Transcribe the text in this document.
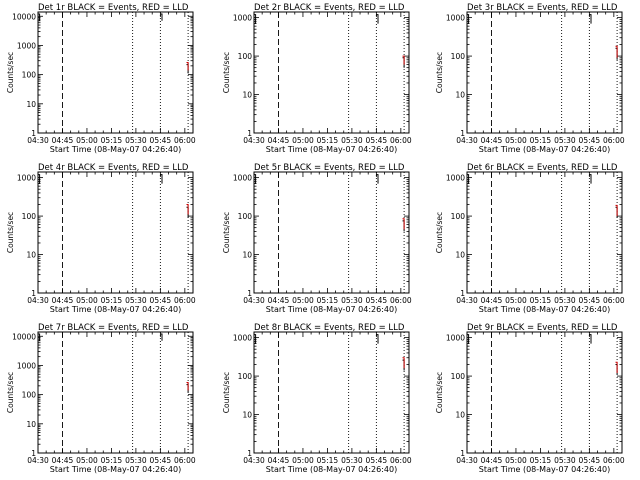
Det 1r BLACK = Events, RED = LLD
1
10
100
1000
10000
04:30 04:45 05:00 05:15 05:30 05:45 06:00
Start Time (08-May-07 04:26:40)
Counts/sec
Det 2r BLACK = Events, RED = LLD
1
10
100
1000
04:30 04:45 05:00 05:15 05:30 05:45 06:00
Start Time (08-May-07 04:26:40)
Counts/sec
Det 3r BLACK = Events, RED = LLD
1
10
100
1000
04:30 04:45 05:00 05:15 05:30 05:45 06:00
Start Time (08-May-07 04:26:40)
Counts/sec
Det 4r BLACK = Events, RED = LLD
1
10
100
1000
04:30 04:45 05:00 05:15 05:30 05:45 06:00
Start Time (08-May-07 04:26:40)
Counts/sec
Det 5r BLACK = Events, RED = LLD
1
10
100
1000
04:30 04:45 05:00 05:15 05:30 05:45 06:00
Start Time (08-May-07 04:26:40)
Counts/sec
Det 6r BLACK = Events, RED = LLD
1
10
100
1000
04:30 04:45 05:00 05:15 05:30 05:45 06:00
Start Time (08-May-07 04:26:40)
Counts/sec
Det 7r BLACK = Events, RED = LLD
1
10
100
1000
10000
04:30 04:45 05:00 05:15 05:30 05:45 06:00
Start Time (08-May-07 04:26:40)
Counts/sec
Det 8r BLACK = Events, RED = LLD
1
10
100
1000
04:30 04:45 05:00 05:15 05:30 05:45 06:00
Start Time (08-May-07 04:26:40)
Counts/sec
Det 9r BLACK = Events, RED = LLD
1
10
100
1000
04:30 04:45 05:00 05:15 05:30 05:45 06:00
Start Time (08-May-07 04:26:40)
Counts/sec
